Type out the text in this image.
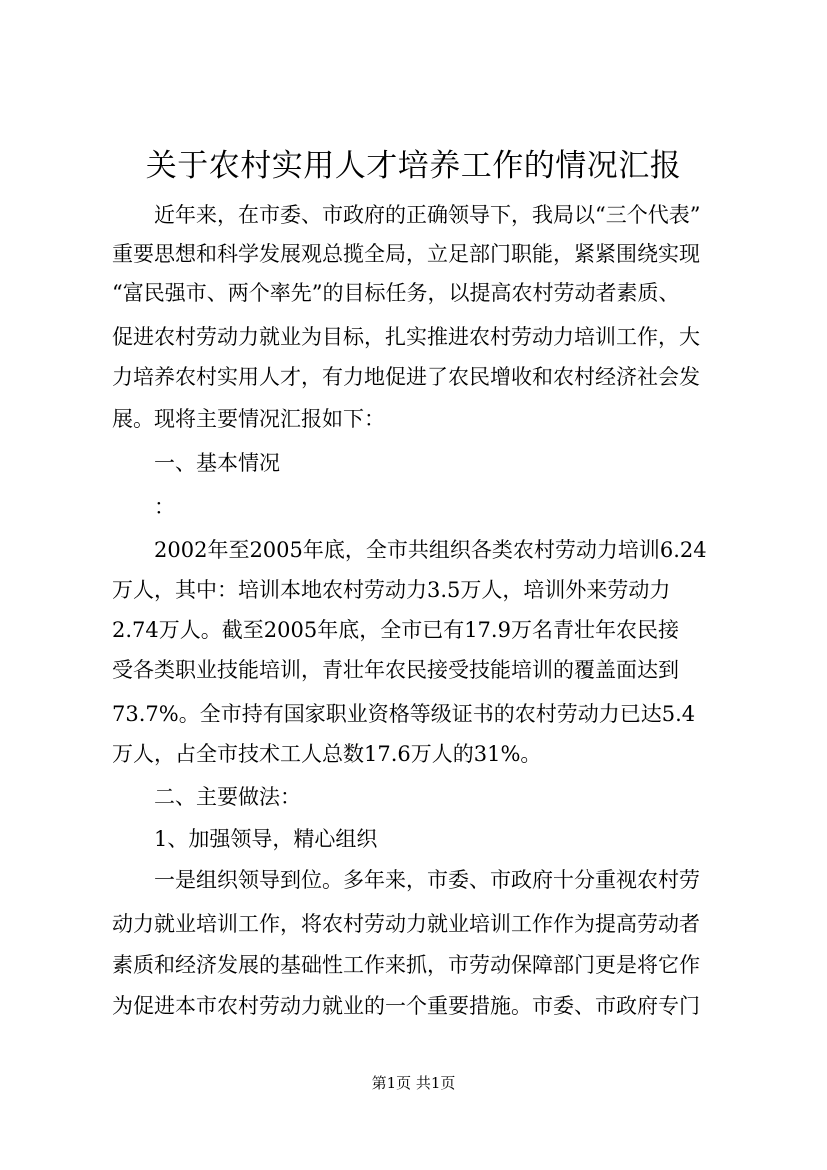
关于农村实用人才培养工作的情况汇报
　　近年来，在市委、市政府的正确领导下，我局以“三个代表”
重要思想和科学发展观总揽全局，立足部门职能，紧紧围绕实现
“富民强市、两个率先”的目标任务，以提高农村劳动者素质、
促进农村劳动力就业为目标，扎实推进农村劳动力培训工作，大
力培养农村实用人才，有力地促进了农民增收和农村经济社会发
展。现将主要情况汇报如下：
　　一、基本情况
　　：
　　2002年至2005年底，全市共组织各类农村劳动力培训6.24
万人，其中：培训本地农村劳动力3.5万人，培训外来劳动力
2.74万人。截至2005年底，全市已有17.9万名青壮年农民接
受各类职业技能培训，青壮年农民接受技能培训的覆盖面达到
73.7%。全市持有国家职业资格等级证书的农村劳动力已达5.4
万人，占全市技术工人总数17.6万人的31%。
　　二、主要做法：
　　1、加强领导，精心组织
　　一是组织领导到位。多年来，市委、市政府十分重视农村劳
动力就业培训工作，将农村劳动力就业培训工作作为提高劳动者
素质和经济发展的基础性工作来抓，市劳动保障部门更是将它作
为促进本市农村劳动力就业的一个重要措施。市委、市政府专门
第1页 共1页
